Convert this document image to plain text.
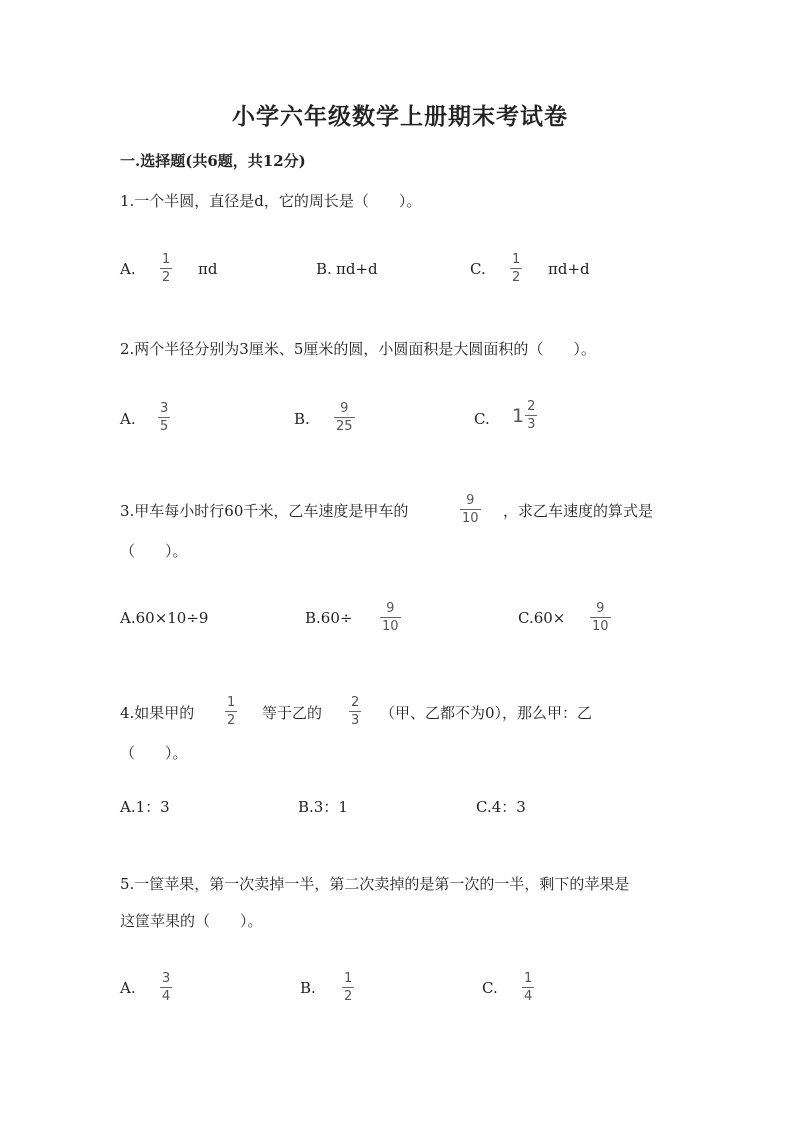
小学六年级数学上册期末考试卷
一.选择题(共6题，共12分)
1.一个半圆，直径是d，它的周长是（　　）。
A.
1
2 πd	B. πd+d	C.
1
2 πd+d
2.两个半径分别为3厘米、5厘米的圆，小圆面积是大圆面积的（　　）。
A.
3
5	B.
9
25	C. $1 \frac{2}{3}$
3.甲车每小时行60千米，乙车速度是甲车的
9
10 ，求乙车速度的算式是
（　　）。
A.60×10÷9	B.60÷
9
10	C.60×
9
10
4.如果甲的
1
2 等于乙的
2
3 （甲、乙都不为0），那么甲：乙
（　　）。
A.1：3	B.3：1	C.4：3
5.一筐苹果，第一次卖掉一半，第二次卖掉的是第一次的一半，剩下的苹果是
这筐苹果的（　　）。
A.
3
4	B.
1
2	C.
1
4
